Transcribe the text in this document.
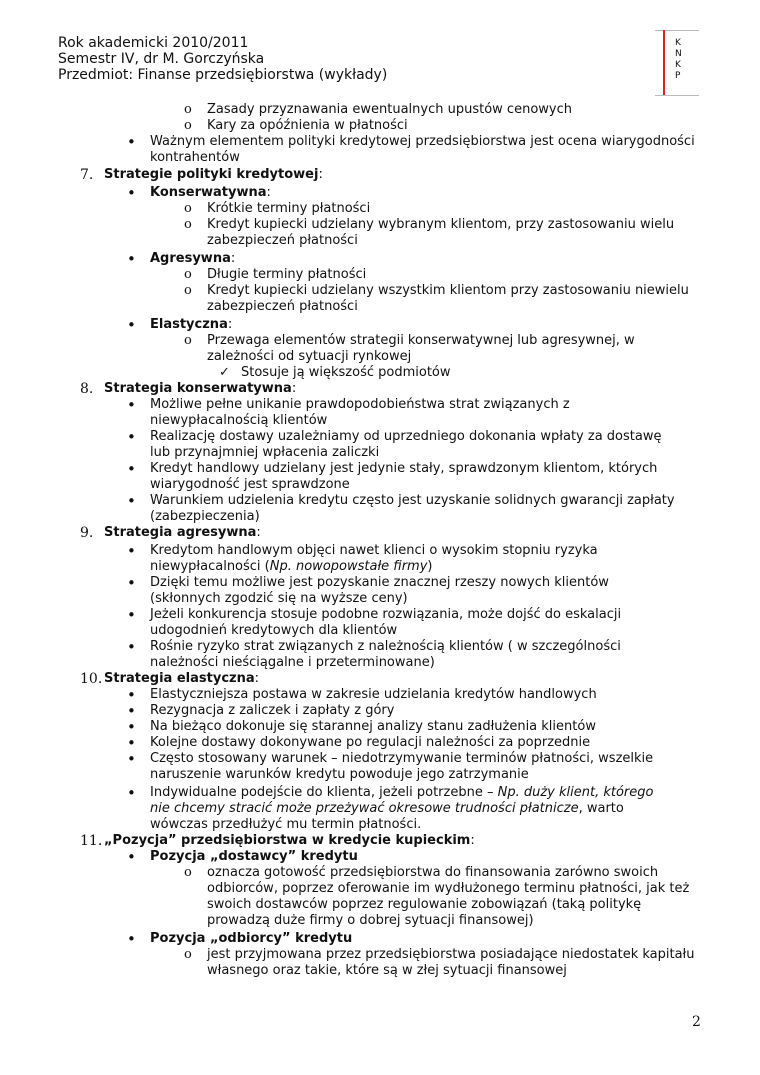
Rok akademicki 2010/2011
Semestr IV, dr M. Gorczyńska
Przedmiot: Finanse przedsiębiorstwa (wykłady)
K
N
K
P
o Zasady przyznawania ewentualnych upustów cenowych
o Kary za opóźnienia w płatności
• Ważnym elementem polityki kredytowej przedsiębiorstwa jest ocena wiarygodności kontrahentów
7. Strategie polityki kredytowej:
• Konserwatywna:
o Krótkie terminy płatności
o Kredyt kupiecki udzielany wybranym klientom, przy zastosowaniu wielu zabezpieczeń płatności
• Agresywna:
o Długie terminy płatności
o Kredyt kupiecki udzielany wszystkim klientom przy zastosowaniu niewielu zabezpieczeń płatności
• Elastyczna:
o Przewaga elementów strategii konserwatywnej lub agresywnej, w zależności od sytuacji rynkowej
✓ Stosuje ją większość podmiotów
8. Strategia konserwatywna:
• Możliwe pełne unikanie prawdopodobieństwa strat związanych z niewypłacalnością klientów
• Realizację dostawy uzależniamy od uprzedniego dokonania wpłaty za dostawę lub przynajmniej wpłacenia zaliczki
• Kredyt handlowy udzielany jest jedynie stały, sprawdzonym klientom, których wiarygodność jest sprawdzone
• Warunkiem udzielenia kredytu często jest uzyskanie solidnych gwarancji zapłaty (zabezpieczenia)
9. Strategia agresywna:
• Kredytom handlowym objęci nawet klienci o wysokim stopniu ryzyka niewypłacalności (Np. nowopowstałe firmy)
• Dzięki temu możliwe jest pozyskanie znacznej rzeszy nowych klientów (skłonnych zgodzić się na wyższe ceny)
• Jeżeli konkurencja stosuje podobne rozwiązania, może dojść do eskalacji udogodnień kredytowych dla klientów
• Rośnie ryzyko strat związanych z należnością klientów ( w szczególności należności nieściągalne i przeterminowane)
10. Strategia elastyczna:
• Elastyczniejsza postawa w zakresie udzielania kredytów handlowych
• Rezygnacja z zaliczek i zapłaty z góry
• Na bieżąco dokonuje się starannej analizy stanu zadłużenia klientów
• Kolejne dostawy dokonywane po regulacji należności za poprzednie
• Często stosowany warunek – niedotrzymywanie terminów płatności, wszelkie naruszenie warunków kredytu powoduje jego zatrzymanie
• Indywidualne podejście do klienta, jeżeli potrzebne – Np. duży klient, którego nie chcemy stracić może przeżywać okresowe trudności płatnicze, warto wówczas przedłużyć mu termin płatności.
11. „Pozycja” przedsiębiorstwa w kredycie kupieckim:
• Pozycja „dostawcy” kredytu
o oznacza gotowość przedsiębiorstwa do finansowania zarówno swoich odbiorców, poprzez oferowanie im wydłużonego terminu płatności, jak też swoich dostawców poprzez regulowanie zobowiązań (taką politykę prowadzą duże firmy o dobrej sytuacji finansowej)
• Pozycja „odbiorcy” kredytu
o jest przyjmowana przez przedsiębiorstwa posiadające niedostatek kapitału własnego oraz takie, które są w złej sytuacji finansowej
2
